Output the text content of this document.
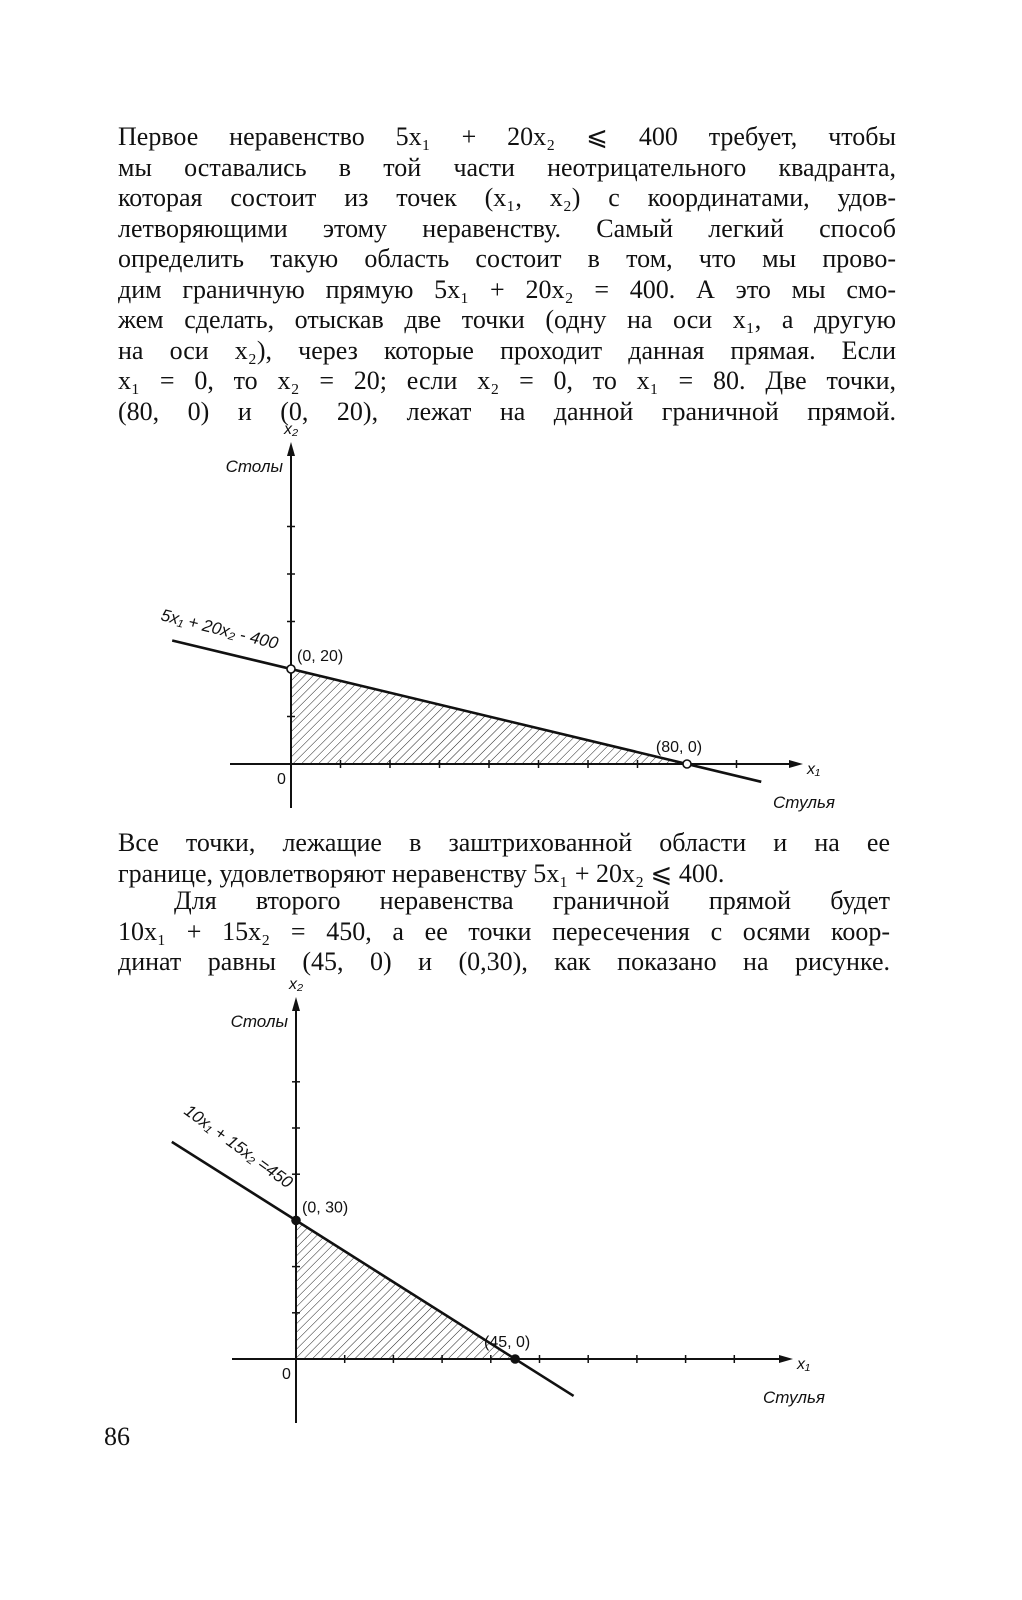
Первое неравенство 5x₁ + 20x₂ ⩽ 400 требует, чтобы
мы оставались в той части неотрицательного квадранта,
которая состоит из точек (x₁, x₂) с координатами, удов-
летворяющими этому неравенству. Самый легкий способ
определить такую область состоит в том, что мы прово-
дим граничную прямую 5x₁ + 20x₂ = 400. А это мы смо-
жем сделать, отыскав две точки (одну на оси x₁, а другую
на оси x₂), через которые проходит данная прямая. Если
x₁ = 0, то x₂ = 20; если x₂ = 0, то x₁ = 80. Две точки,
(80, 0) и (0, 20), лежат на данной граничной прямой.
(0, 20)
(80, 0)
0
x₂
x₁
Столы
Стулья
5x₁ + 20x₂ - 400
Все точки, лежащие в заштрихованной области и на ее
границе, удовлетворяют неравенству 5x₁ + 20x₂ ⩽ 400.
Для второго неравенства граничной прямой будет
10x₁ + 15x₂ = 450, а ее точки пересечения с осями коор-
динат равны (45, 0) и (0,30), как показано на рисунке.
(0, 30)
(45, 0)
0
x₂
x₁
Столы
Стулья
10x₁ + 15x₂ =450
86
